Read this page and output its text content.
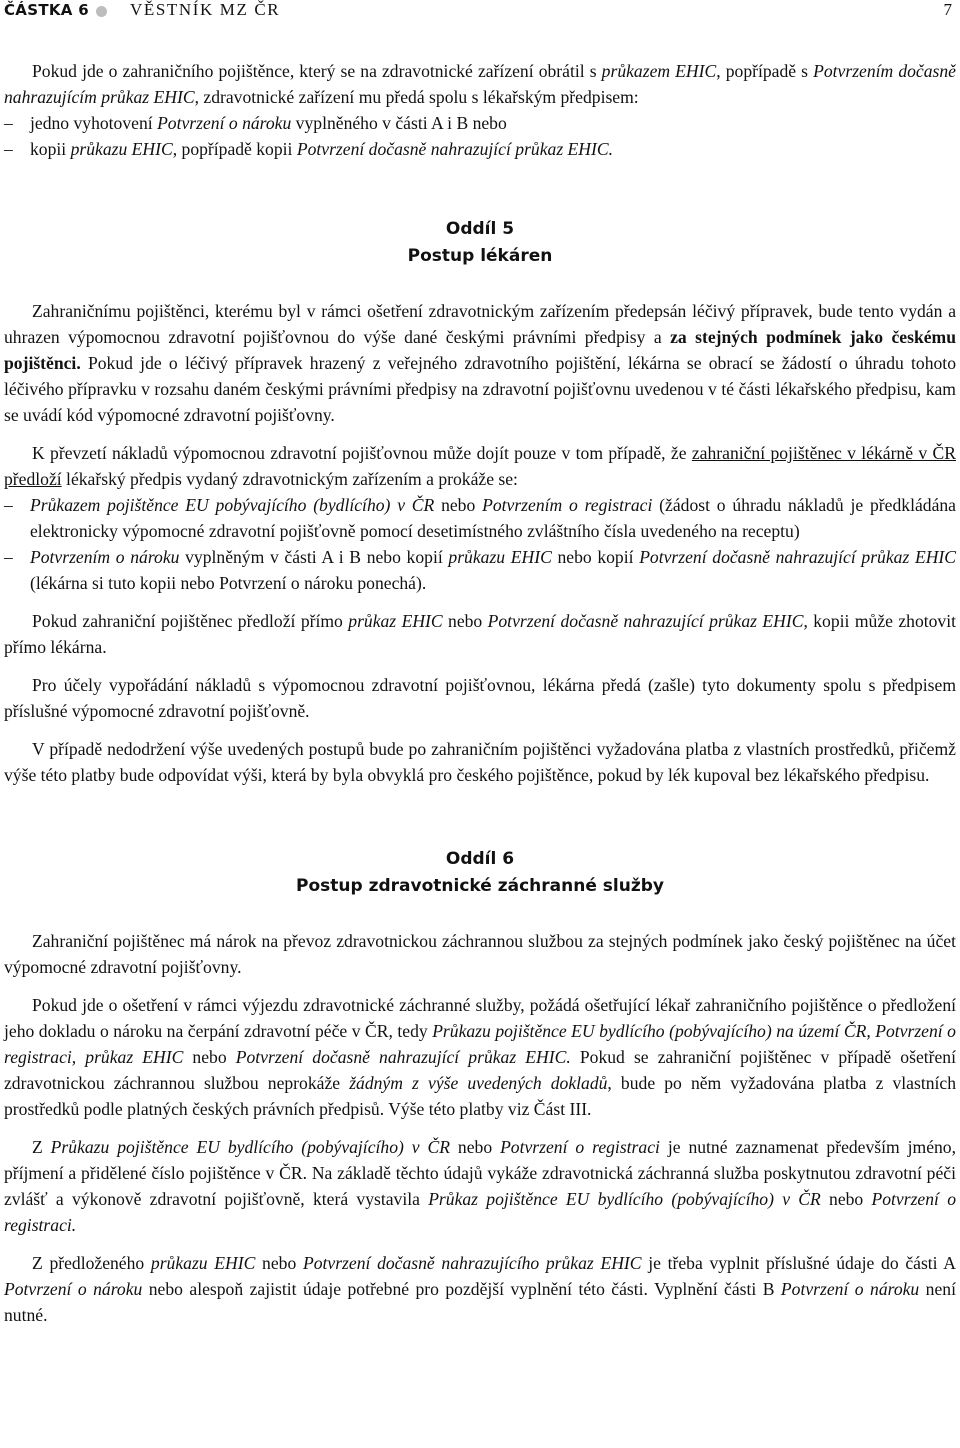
ČÁSTKA 6 VĚSTNÍK MZ ČR	7

Pokud jde o zahraničního pojištěnce, který se na zdravotnické zařízení obrátil s průkazem EHIC, popřípadě s Potvrzením dočasně nahrazujícím průkaz EHIC, zdravotnické zařízení mu předá spolu s lékařským předpisem:

– jedno vyhotovení Potvrzení o nároku vyplněného v části A i B nebo

– kopii průkazu EHIC, popřípadě kopii Potvrzení dočasně nahrazující průkaz EHIC.

Oddíl 5
Postup lékáren

Zahraničnímu pojištěnci, kterému byl v rámci ošetření zdravotnickým zařízením předepsán léčivý přípravek, bude tento vydán a uhrazen výpomocnou zdravotní pojišťovnou do výše dané českými právními předpisy a za stejných podmínek jako českému pojištěnci. Pokud jde o léčivý přípravek hrazený z veřejného zdravotního pojištění, lékárna se obrací se žádostí o úhradu tohoto léčivého přípravku v rozsahu daném českými právními předpisy na zdravotní pojišťovnu uvedenou v té části lékařského předpisu, kam se uvádí kód výpomocné zdravotní pojišťovny.

K převzetí nákladů výpomocnou zdravotní pojišťovnou může dojít pouze v tom případě, že zahraniční pojištěnec v lékárně v ČR předloží lékařský předpis vydaný zdravotnickým zařízením a prokáže se:

– Průkazem pojištěnce EU pobývajícího (bydlícího) v ČR nebo Potvrzením o registraci (žádost o úhradu nákladů je předkládána elektronicky výpomocné zdravotní pojišťovně pomocí desetimístného zvláštního čísla uvedeného na receptu)

– Potvrzením o nároku vyplněným v části A i B nebo kopií průkazu EHIC nebo kopií Potvrzení dočasně nahrazující průkaz EHIC (lékárna si tuto kopii nebo Potvrzení o nároku ponechá).

Pokud zahraniční pojištěnec předloží přímo průkaz EHIC nebo Potvrzení dočasně nahrazující průkaz EHIC, kopii může zhotovit přímo lékárna.

Pro účely vypořádání nákladů s výpomocnou zdravotní pojišťovnou, lékárna předá (zašle) tyto dokumenty spolu s předpisem příslušné výpomocné zdravotní pojišťovně.

V případě nedodržení výše uvedených postupů bude po zahraničním pojištěnci vyžadována platba z vlastních prostředků, přičemž výše této platby bude odpovídat výši, která by byla obvyklá pro českého pojištěnce, pokud by lék kupoval bez lékařského předpisu.

Oddíl 6
Postup zdravotnické záchranné služby

Zahraniční pojištěnec má nárok na převoz zdravotnickou záchrannou službou za stejných podmínek jako český pojištěnec na účet výpomocné zdravotní pojišťovny.

Pokud jde o ošetření v rámci výjezdu zdravotnické záchranné služby, požádá ošetřující lékař zahraničního pojištěnce o předložení jeho dokladu o nároku na čerpání zdravotní péče v ČR, tedy Průkazu pojištěnce EU bydlícího (pobývajícího) na území ČR, Potvrzení o registraci, průkaz EHIC nebo Potvrzení dočasně nahrazující průkaz EHIC. Pokud se zahraniční pojištěnec v případě ošetření zdravotnickou záchrannou službou neprokáže žádným z výše uvedených dokladů, bude po něm vyžadována platba z vlastních prostředků podle platných českých právních předpisů. Výše této platby viz Část III.

Z Průkazu pojištěnce EU bydlícího (pobývajícího) v ČR nebo Potvrzení o registraci je nutné zaznamenat především jméno, příjmení a přidělené číslo pojištěnce v ČR. Na základě těchto údajů vykáže zdravotnická záchranná služba poskytnutou zdravotní péči zvlášť a výkonově zdravotní pojišťovně, která vystavila Průkaz pojištěnce EU bydlícího (pobývajícího) v ČR nebo Potvrzení o registraci.

Z předloženého průkazu EHIC nebo Potvrzení dočasně nahrazujícího průkaz EHIC je třeba vyplnit příslušné údaje do části A Potvrzení o nároku nebo alespoň zajistit údaje potřebné pro pozdější vyplnění této části. Vyplnění části B Potvrzení o nároku není nutné.
